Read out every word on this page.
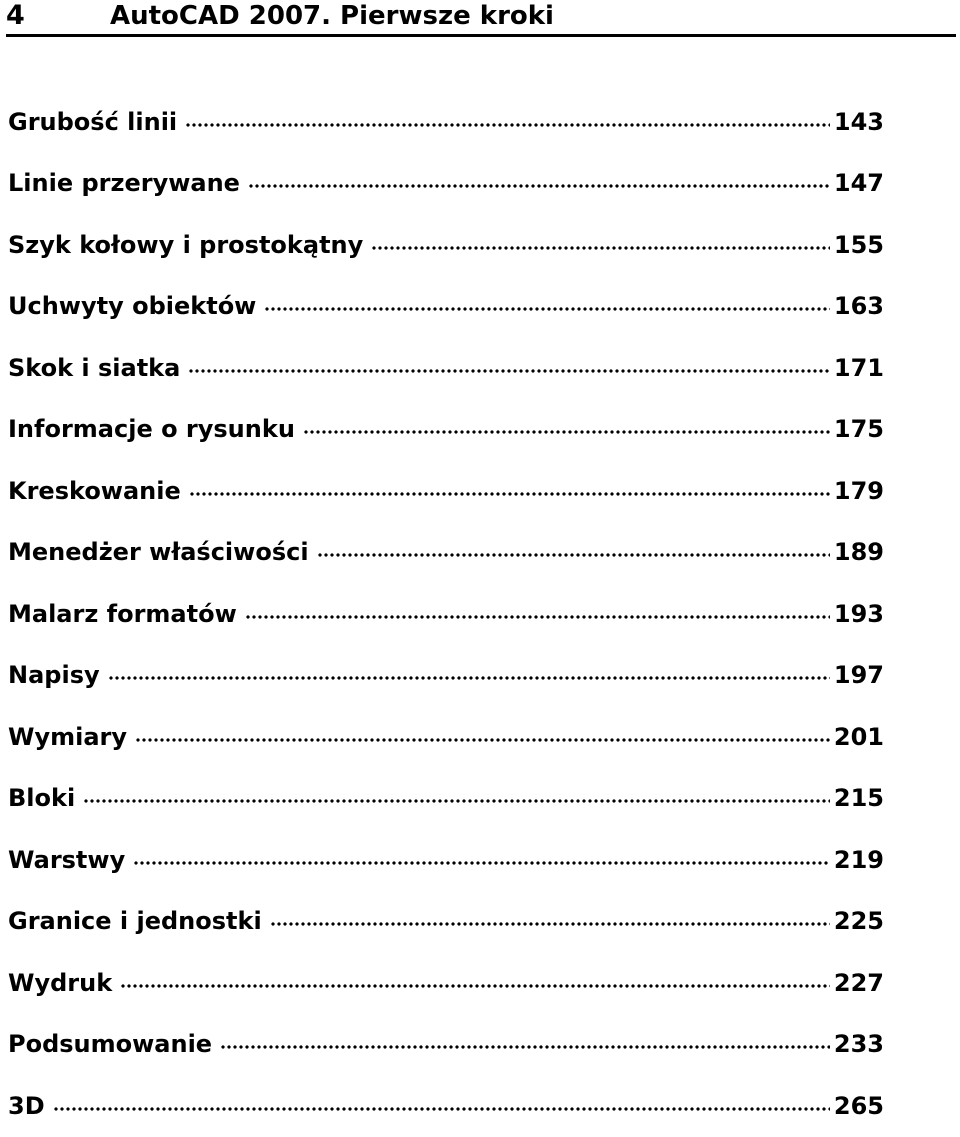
4	AutoCAD 2007. Pierwsze kroki
Grubość linii	143
Linie przerywane	147
Szyk kołowy i prostokątny	155
Uchwyty obiektów	163
Skok i siatka	171
Informacje o rysunku	175
Kreskowanie	179
Menedżer właściwości	189
Malarz formatów	193
Napisy	197
Wymiary	201
Bloki	215
Warstwy	219
Granice i jednostki	225
Wydruk	227
Podsumowanie	233
3D	265
